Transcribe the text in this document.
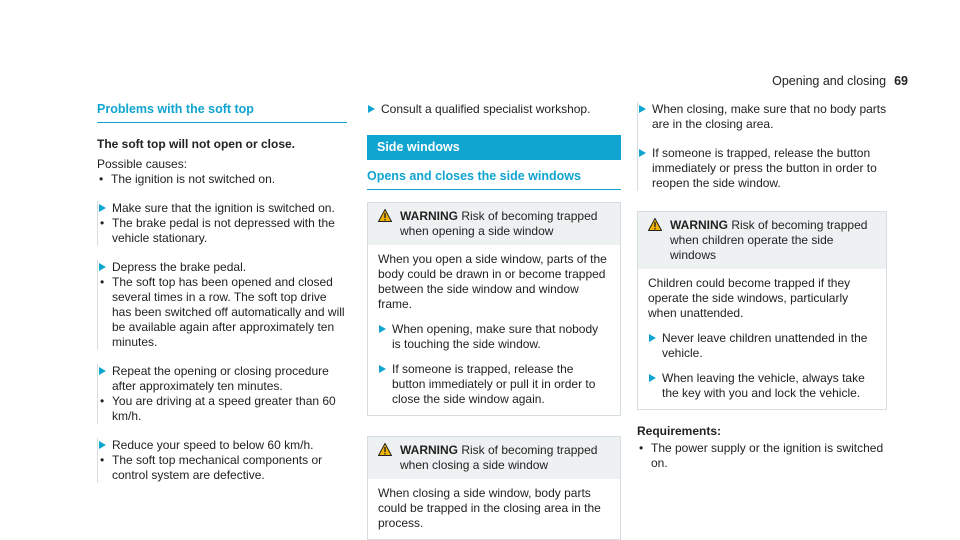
Opening and closing 69
Problems with the soft top
The soft top will not open or close.
Possible causes:
• The ignition is not switched on.
Make sure that the ignition is switched on.
• The brake pedal is not depressed with the vehicle stationary.
Depress the brake pedal.
• The soft top has been opened and closed several times in a row. The soft top drive has been switched off automatically and will be available again after approximately ten minutes.
Repeat the opening or closing procedure after approximately ten minutes.
• You are driving at a speed greater than 60 km/h.
Reduce your speed to below 60 km/h.
• The soft top mechanical components or control system are defective.
Consult a qualified specialist workshop.
Side windows
Opens and closes the side windows
WARNING Risk of becoming trapped when opening a side window
When you open a side window, parts of the body could be drawn in or become trapped between the side window and window frame.
When opening, make sure that nobody is touching the side window.
If someone is trapped, release the button immediately or pull it in order to close the side window again.
WARNING Risk of becoming trapped when closing a side window
When closing a side window, body parts could be trapped in the closing area in the process.
When closing, make sure that no body parts are in the closing area.
If someone is trapped, release the button immediately or press the button in order to reopen the side window.
WARNING Risk of becoming trapped when children operate the side windows
Children could become trapped if they operate the side windows, particularly when unattended.
Never leave children unattended in the vehicle.
When leaving the vehicle, always take the key with you and lock the vehicle.
Requirements:
• The power supply or the ignition is switched on.
